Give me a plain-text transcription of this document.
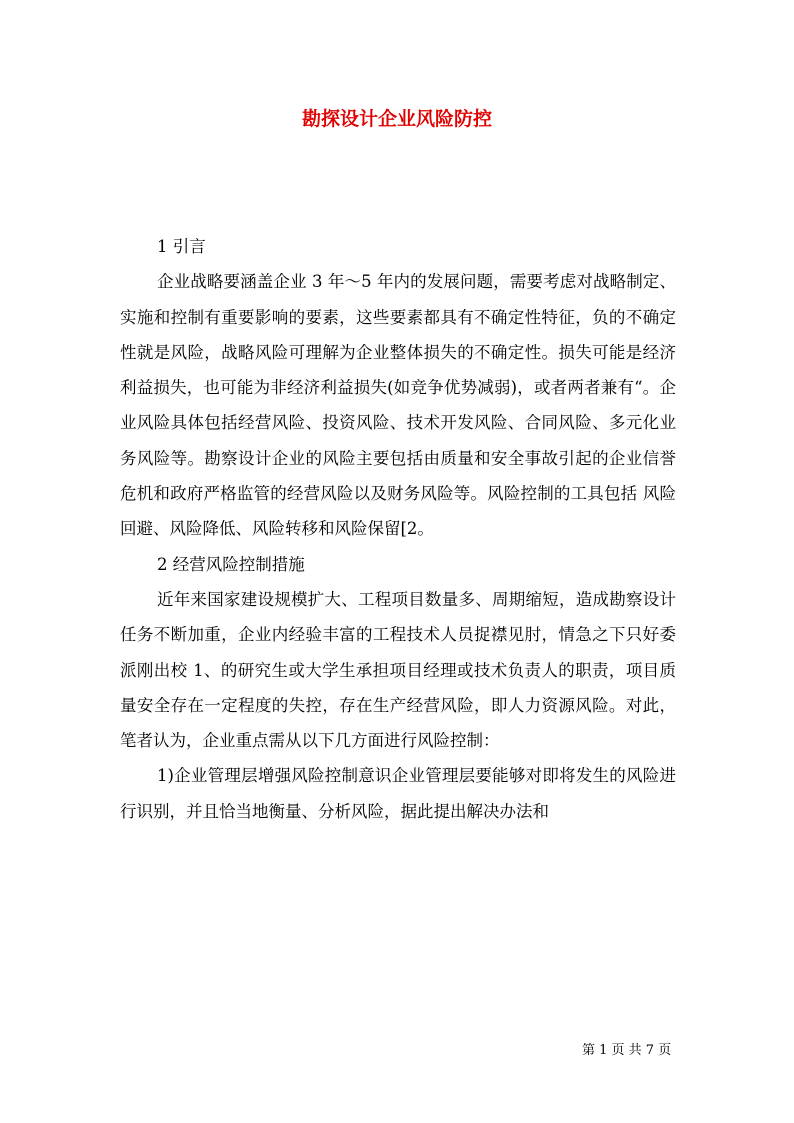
勘探设计企业风险防控

1 引言

企业战略要涵盖企业 3 年～5 年内的发展问题，需要考虑对战略制定、实施和控制有重要影响的要素，这些要素都具有不确定性特征，负的不确定性就是风险，战略风险可理解为企业整体损失的不确定性。损失可能是经济利益损失，也可能为非经济利益损失(如竞争优势减弱)，或者两者兼有“。企业风险具体包括经营风险、投资风险、技术开发风险、合同风险、多元化业务风险等。勘察设计企业的风险主要包括由质量和安全事故引起的企业信誉危机和政府严格监管的经营风险以及财务风险等。风险控制的工具包括 风险回避、风险降低、风险转移和风险保留[2。

2 经营风险控制措施

近年来国家建设规模扩大、工程项目数量多、周期缩短，造成勘察设计任务不断加重，企业内经验丰富的工程技术人员捉襟见肘，情急之下只好委派刚出校 1、的研究生或大学生承担项目经理或技术负责人的职责，项目质量安全存在一定程度的失控，存在生产经营风险，即人力资源风险。对此，笔者认为，企业重点需从以下几方面进行风险控制：

1)企业管理层增强风险控制意识企业管理层要能够对即将发生的风险进行识别，并且恰当地衡量、分析风险，据此提出解决办法和

第 1 页 共 7 页
